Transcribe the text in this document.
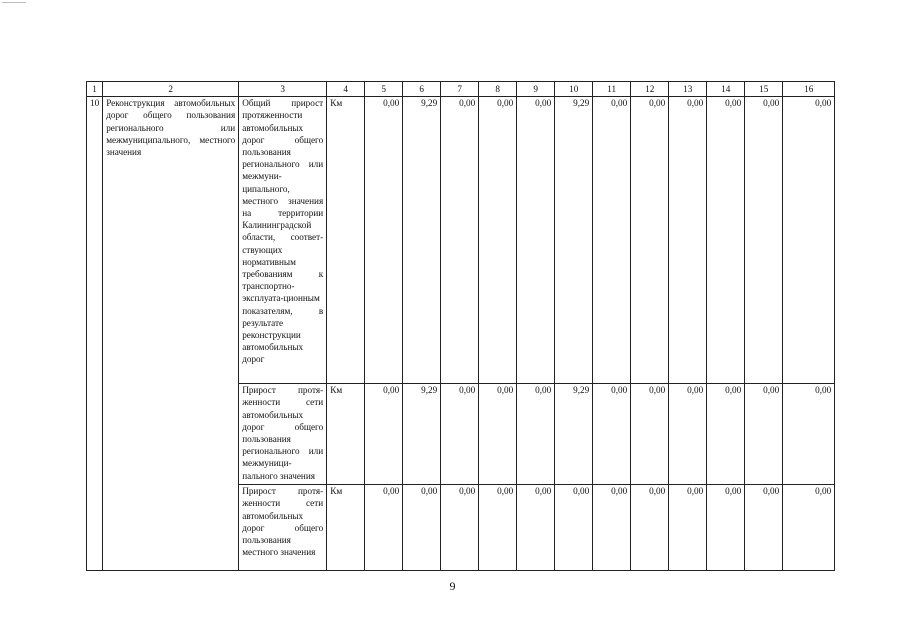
1	2	3	4	5	6	7	8	9	10	11	12	13	14	15	16
10	Реконструкция автомобильных дорог общего пользования регионального или межмуниципального, местного значения	Общий прирост протяженности автомобильных дорог общего пользования регионального или межмуни-ципального, местного значения на территории Калининградской области, соответ-ствующих нормативным требованиям к транспортно-эксплуата-ционным показателям, в результате реконструкции автомобильных дорог	Км	0,00	9,29	0,00	0,00	0,00	9,29	0,00	0,00	0,00	0,00	0,00	0,00
		Прирост протя-женности сети автомобильных дорог общего пользования регионального или межмуници-пального значения	Км	0,00	9,29	0,00	0,00	0,00	9,29	0,00	0,00	0,00	0,00	0,00	0,00
		Прирост протя-женности сети автомобильных дорог общего пользования местного значения	Км	0,00	0,00	0,00	0,00	0,00	0,00	0,00	0,00	0,00	0,00	0,00	0,00
9
